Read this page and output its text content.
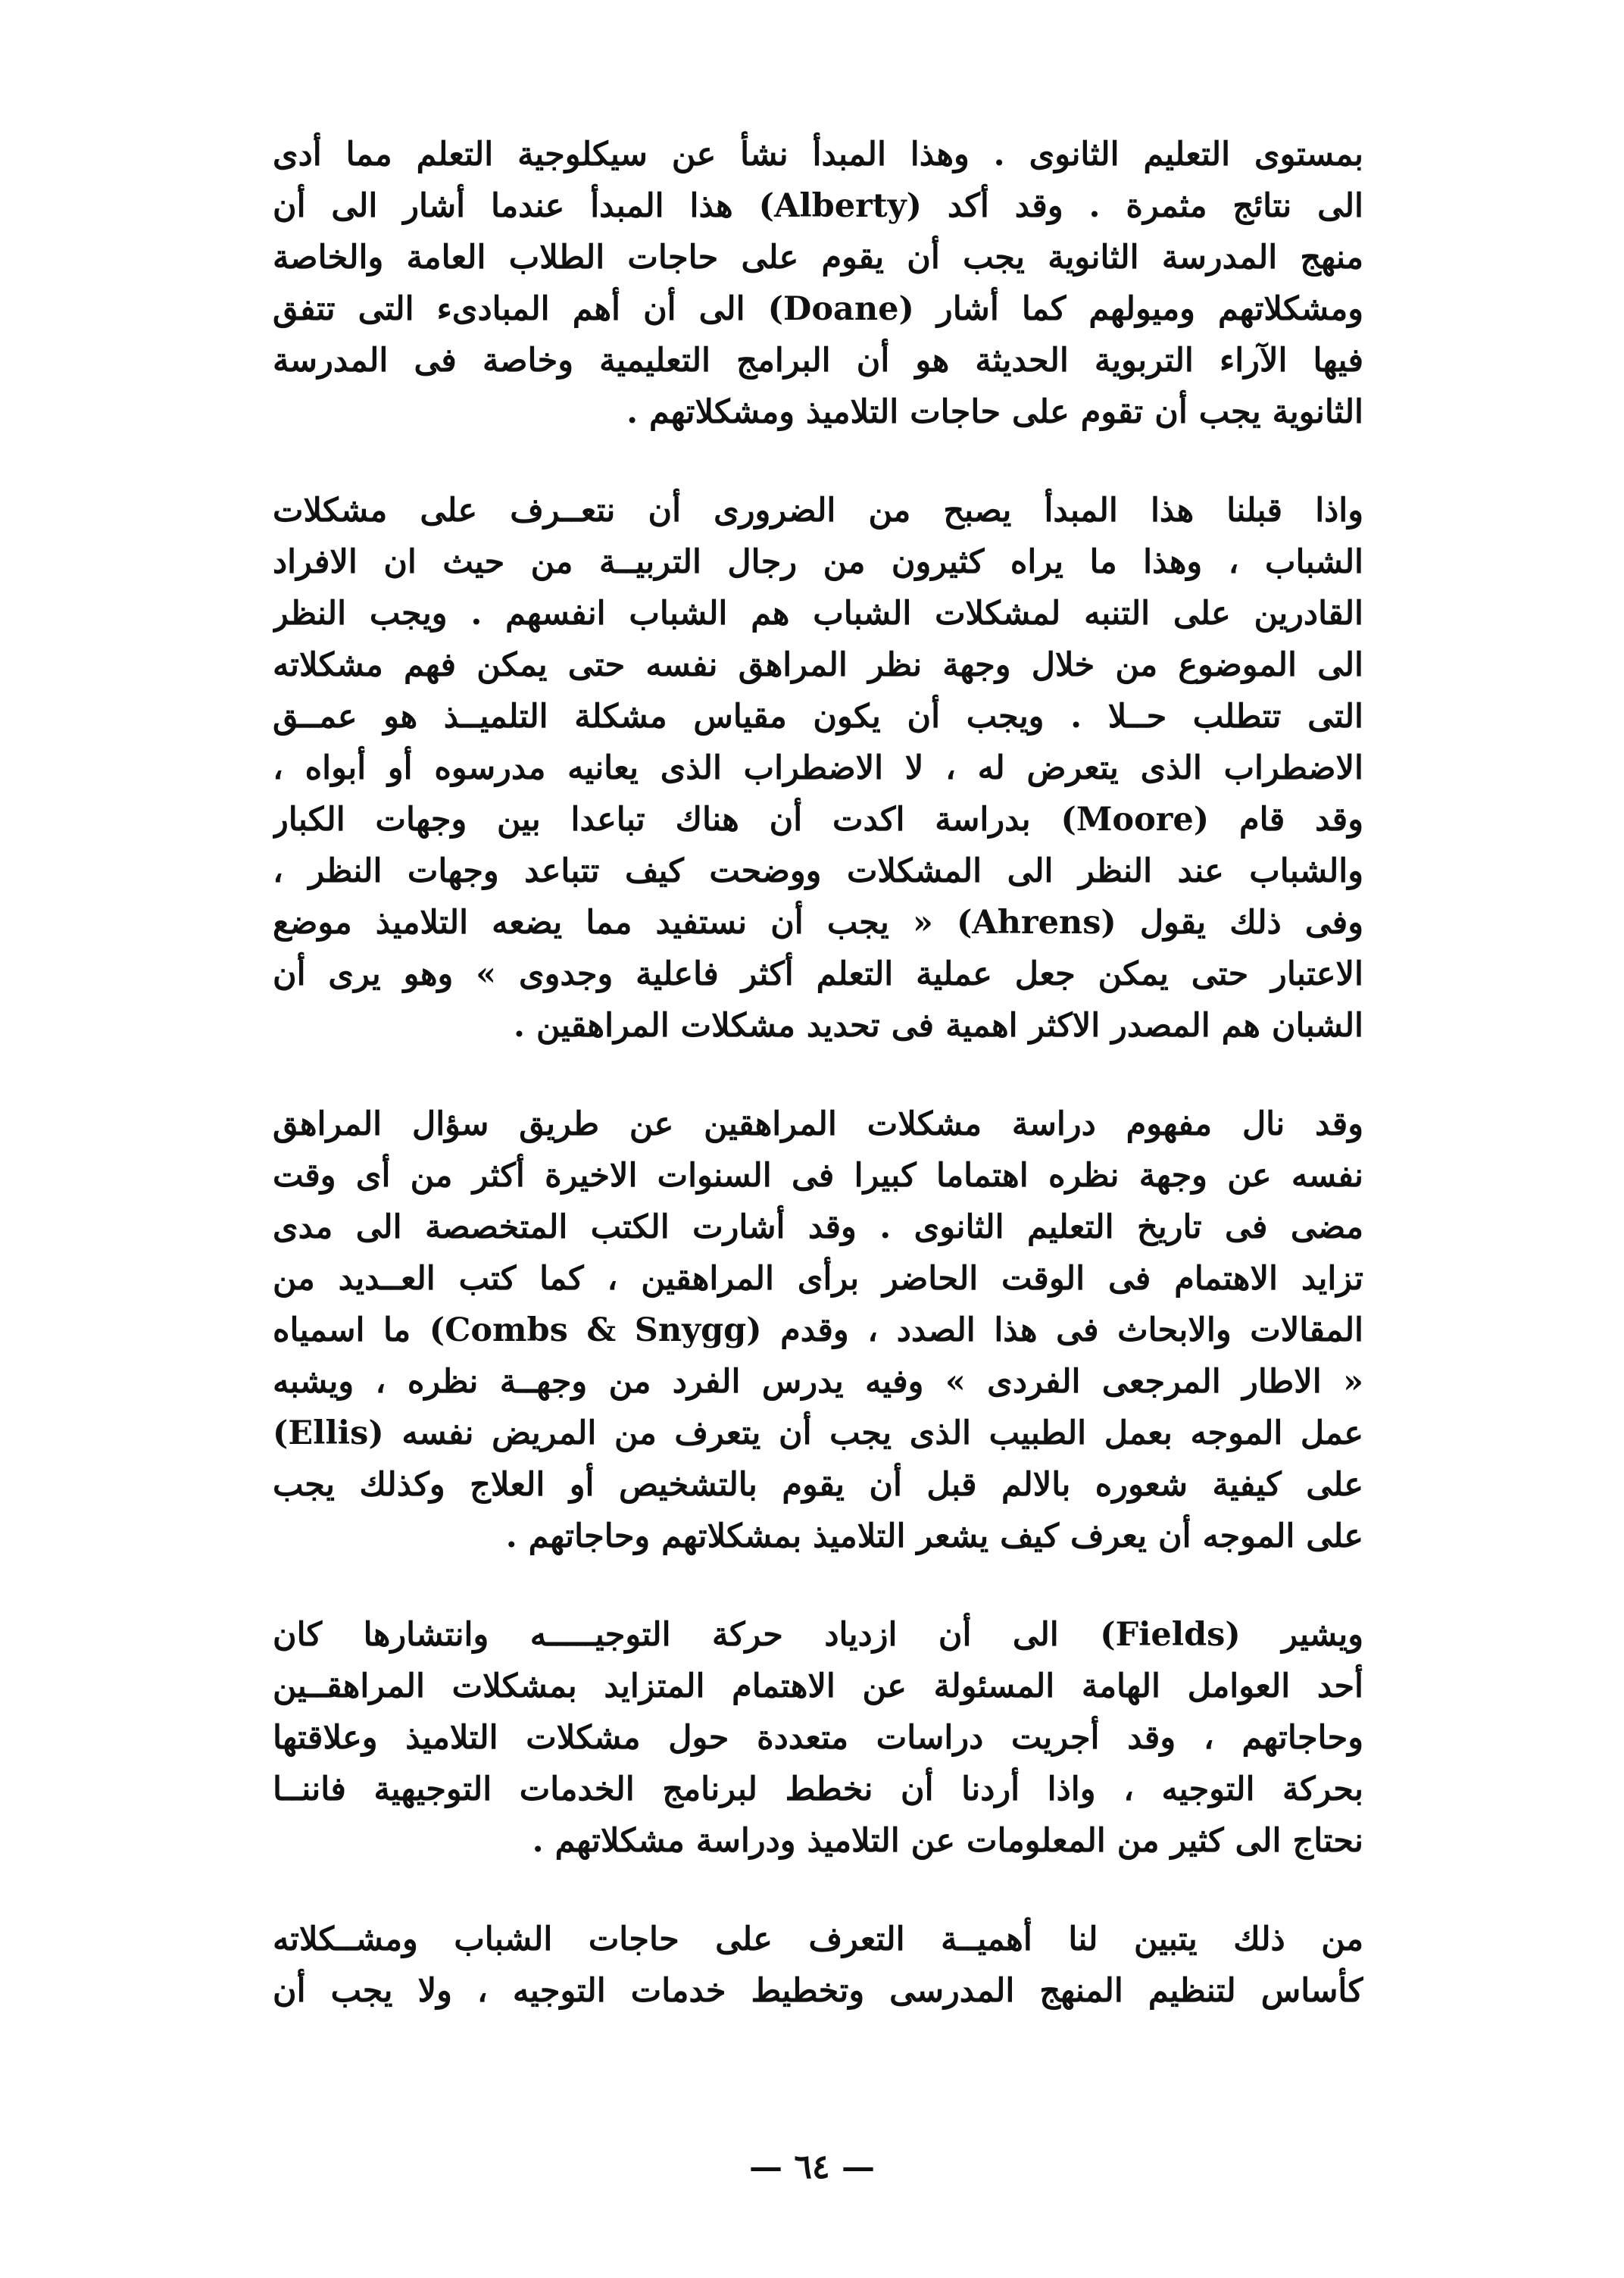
بمستوى التعليم الثانوى . وهذا المبدأ نشأ عن سيكلوجية التعلم مما أدى
الى نتائج مثمرة . وقد أكد (Alberty) هذا المبدأ عندما أشار الى أن
منهج المدرسة الثانوية يجب أن يقوم على حاجات الطلاب العامة والخاصة
ومشكلاتهم وميولهم كما أشار (Doane) الى أن أهم المبادىء التى تتفق
فيها الآراء التربوية الحديثة هو أن البرامج التعليمية وخاصة فى المدرسة
الثانوية يجب أن تقوم على حاجات التلاميذ ومشكلاتهم .
واذا قبلنا هذا المبدأ يصبح من الضرورى أن نتعــرف على مشكلات
الشباب ، وهذا ما يراه كثيرون من رجال التربيــة من حيث ان الافراد
القادرين على التنبه لمشكلات الشباب هم الشباب انفسهم . ويجب النظر
الى الموضوع من خلال وجهة نظر المراهق نفسه حتى يمكن فهم مشكلاته
التى تتطلب حــلا . ويجب أن يكون مقياس مشكلة التلميــذ هو عمــق
الاضطراب الذى يتعرض له ، لا الاضطراب الذى يعانيه مدرسوه أو أبواه ،
وقد قام (Moore) بدراسة اكدت أن هناك تباعدا بين وجهات الكبار
والشباب عند النظر الى المشكلات ووضحت كيف تتباعد وجهات النظر ،
وفى ذلك يقول (Ahrens) « يجب أن نستفيد مما يضعه التلاميذ موضع
الاعتبار حتى يمكن جعل عملية التعلم أكثر فاعلية وجدوى » وهو يرى أن
الشبان هم المصدر الاكثر اهمية فى تحديد مشكلات المراهقين .
وقد نال مفهوم دراسة مشكلات المراهقين عن طريق سؤال المراهق
نفسه عن وجهة نظره اهتماما كبيرا فى السنوات الاخيرة أكثر من أى وقت
مضى فى تاريخ التعليم الثانوى . وقد أشارت الكتب المتخصصة الى مدى
تزايد الاهتمام فى الوقت الحاضر برأى المراهقين ، كما كتب العــديد من
المقالات والابحاث فى هذا الصدد ، وقدم (Combs & Snygg) ما اسمياه
« الاطار المرجعى الفردى » وفيه يدرس الفرد من وجهــة نظره ، ويشبه
(Ellis) عمل الموجه بعمل الطبيب الذى يجب أن يتعرف من المريض نفسه
على كيفية شعوره بالالم قبل أن يقوم بالتشخيص أو العلاج وكذلك يجب
على الموجه أن يعرف كيف يشعر التلاميذ بمشكلاتهم وحاجاتهم .
ويشير (Fields) الى أن ازدياد حركة التوجيـــــه وانتشارها كان
أحد العوامل الهامة المسئولة عن الاهتمام المتزايد بمشكلات المراهقــين
وحاجاتهم ، وقد أجريت دراسات متعددة حول مشكلات التلاميذ وعلاقتها
بحركة التوجيه ، واذا أردنا أن نخطط لبرنامج الخدمات التوجيهية فاننــا
نحتاج الى كثير من المعلومات عن التلاميذ ودراسة مشكلاتهم .
من ذلك يتبين لنا أهميــة التعرف على حاجات الشباب ومشــكلاته
كأساس لتنظيم المنهج المدرسى وتخطيط خدمات التوجيه ، ولا يجب أن
— ٦٤ —
